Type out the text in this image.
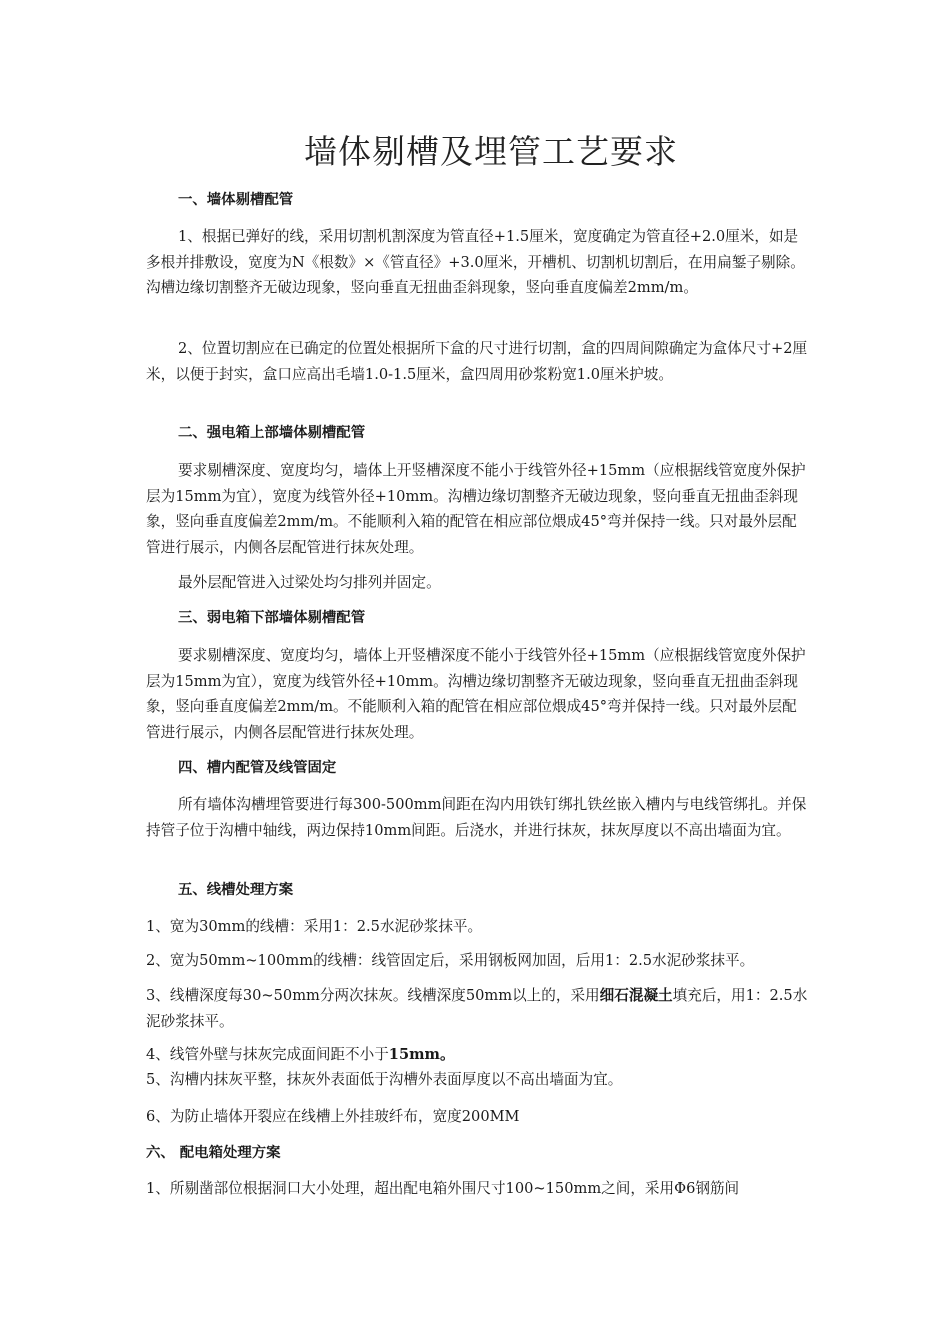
墙体剔槽及埋管工艺要求
一、墙体剔槽配管
1、根据已弹好的线，采用切割机割深度为管直径+1.5厘米，宽度确定为管直径+2.0厘米，如是多根并排敷设，宽度为N《根数》×《管直径》+3.0厘米，开槽机、切割机切割后，在用扁錾子剔除。沟槽边缘切割整齐无破边现象，竖向垂直无扭曲歪斜现象，竖向垂直度偏差2mm/m。
2、位置切割应在已确定的位置处根据所下盒的尺寸进行切割，盒的四周间隙确定为盒体尺寸+2厘米，以便于封实，盒口应高出毛墙1.0-1.5厘米，盒四周用砂浆粉宽1.0厘米护坡。
二、强电箱上部墙体剔槽配管
要求剔槽深度、宽度均匀，墙体上开竖槽深度不能小于线管外径+15mm（应根据线管宽度外保护层为15mm为宜），宽度为线管外径+10mm。沟槽边缘切割整齐无破边现象，竖向垂直无扭曲歪斜现象，竖向垂直度偏差2mm/m。不能顺利入箱的配管在相应部位煨成45°弯并保持一线。只对最外层配管进行展示，内侧各层配管进行抹灰处理。
最外层配管进入过梁处均匀排列并固定。
三、弱电箱下部墙体剔槽配管
要求剔槽深度、宽度均匀，墙体上开竖槽深度不能小于线管外径+15mm（应根据线管宽度外保护层为15mm为宜），宽度为线管外径+10mm。沟槽边缘切割整齐无破边现象，竖向垂直无扭曲歪斜现象，竖向垂直度偏差2mm/m。不能顺利入箱的配管在相应部位煨成45°弯并保持一线。只对最外层配管进行展示，内侧各层配管进行抹灰处理。
四、槽内配管及线管固定
所有墙体沟槽埋管要进行每300-500mm间距在沟内用铁钉绑扎铁丝嵌入槽内与电线管绑扎。并保持管子位于沟槽中轴线，两边保持10mm间距。后浇水，并进行抹灰，抹灰厚度以不高出墙面为宜。
五、线槽处理方案
1、宽为30mm的线槽：采用1：2.5水泥砂浆抹平。
2、宽为50mm~100mm的线槽：线管固定后，采用钢板网加固，后用1：2.5水泥砂浆抹平。
3、线槽深度每30~50mm分两次抹灰。线槽深度50mm以上的，采用细石混凝土填充后，用1：2.5水泥砂浆抹平。
4、线管外壁与抹灰完成面间距不小于15mm。
5、沟槽内抹灰平整，抹灰外表面低于沟槽外表面厚度以不高出墙面为宜。
6、为防止墙体开裂应在线槽上外挂玻纤布，宽度200MM
六、 配电箱处理方案
1、所剔凿部位根据洞口大小处理，超出配电箱外围尺寸100~150mm之间，采用Φ6钢筋间
